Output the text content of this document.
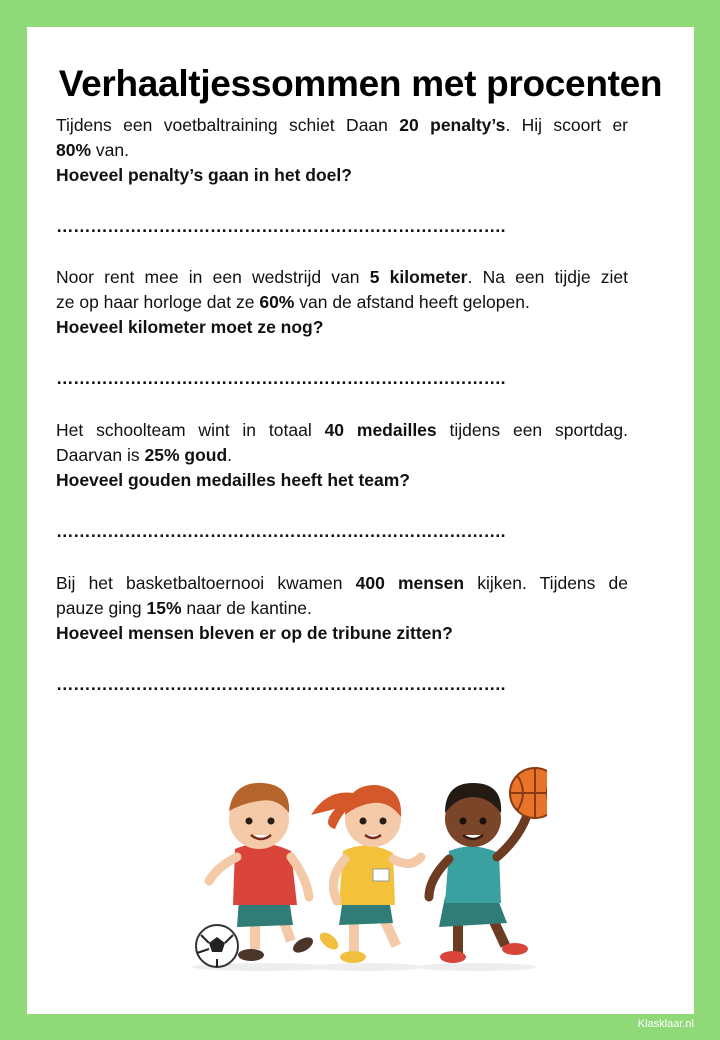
Verhaaltjessommen met procenten
Tijdens een voetbaltraining schiet Daan 20 penalty’s. Hij scoort er
80% van.
Hoeveel penalty’s gaan in het doel?
…………………………………………………………………….
Noor rent mee in een wedstrijd van 5 kilometer. Na een tijdje ziet
ze op haar horloge dat ze 60% van de afstand heeft gelopen.
Hoeveel kilometer moet ze nog?
…………………………………………………………………….
Het schoolteam wint in totaal 40 medailles tijdens een sportdag.
Daarvan is 25% goud.
Hoeveel gouden medailles heeft het team?
…………………………………………………………………….
Bij het basketbaltoernooi kwamen 400 mensen kijken. Tijdens de
pauze ging 15% naar de kantine.
Hoeveel mensen bleven er op de tribune zitten?
…………………………………………………………………….
Klasklaar.nl
